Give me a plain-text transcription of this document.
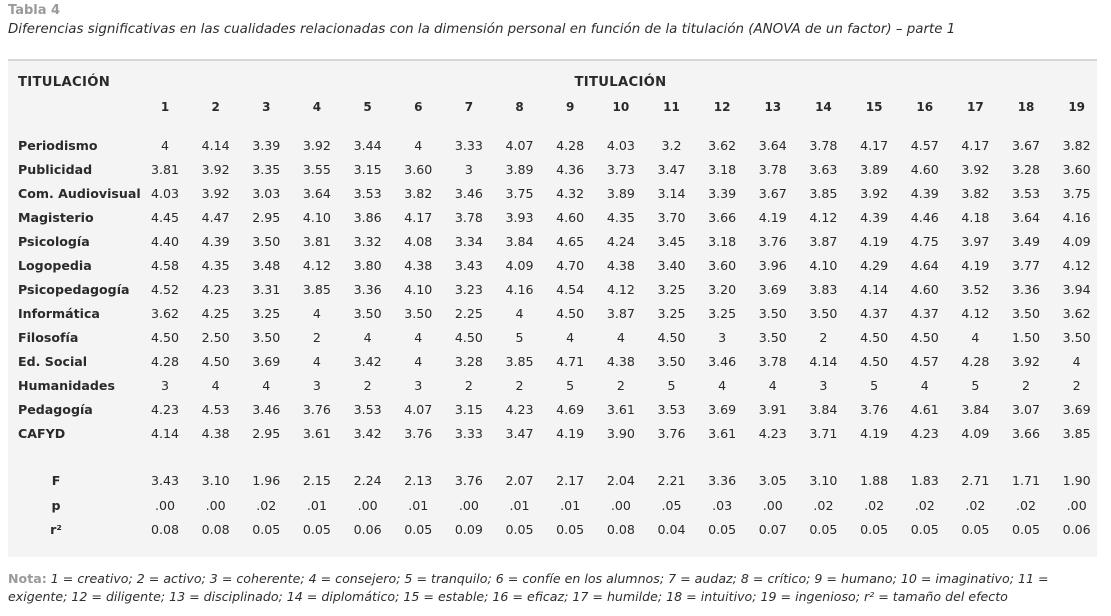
Tabla 4
Diferencias significativas en las cualidades relacionadas con la dimensión personal en función de la titulación (ANOVA de un factor) – parte 1
TITULACIÓN	TITULACIÓN
1	2	3	4	5	6	7	8	9	10	11	12	13	14	15	16	17	18	19
Periodismo	4	4.14	3.39	3.92	3.44	4	3.33	4.07	4.28	4.03	3.2	3.62	3.64	3.78	4.17	4.57	4.17	3.67	3.82
Publicidad	3.81	3.92	3.35	3.55	3.15	3.60	3	3.89	4.36	3.73	3.47	3.18	3.78	3.63	3.89	4.60	3.92	3.28	3.60
Com. Audiovisual 4.03	3.92	3.03	3.64	3.53	3.82	3.46	3.75	4.32	3.89	3.14	3.39	3.67	3.85	3.92	4.39	3.82	3.53	3.75
Magisterio	4.45	4.47	2.95	4.10	3.86	4.17	3.78	3.93	4.60	4.35	3.70	3.66	4.19	4.12	4.39	4.46	4.18	3.64	4.16
Psicología	4.40	4.39	3.50	3.81	3.32	4.08	3.34	3.84	4.65	4.24	3.45	3.18	3.76	3.87	4.19	4.75	3.97	3.49	4.09
Logopedia	4.58	4.35	3.48	4.12	3.80	4.38	3.43	4.09	4.70	4.38	3.40	3.60	3.96	4.10	4.29	4.64	4.19	3.77	4.12
Psicopedagogía	4.52	4.23	3.31	3.85	3.36	4.10	3.23	4.16	4.54	4.12	3.25	3.20	3.69	3.83	4.14	4.60	3.52	3.36	3.94
Informática	3.62	4.25	3.25	4	3.50	3.50	2.25	4	4.50	3.87	3.25	3.25	3.50	3.50	4.37	4.37	4.12	3.50	3.62
Filosofía	4.50	2.50	3.50	2	4	4	4.50	5	4	4	4.50	3	3.50	2	4.50	4.50	4	1.50	3.50
Ed. Social	4.28	4.50	3.69	4	3.42	4	3.28	3.85	4.71	4.38	3.50	3.46	3.78	4.14	4.50	4.57	4.28	3.92	4
Humanidades	3	4	4	3	2	3	2	2	5	2	5	4	4	3	5	4	5	2	2
Pedagogía	4.23	4.53	3.46	3.76	3.53	4.07	3.15	4.23	4.69	3.61	3.53	3.69	3.91	3.84	3.76	4.61	3.84	3.07	3.69
CAFYD	4.14	4.38	2.95	3.61	3.42	3.76	3.33	3.47	4.19	3.90	3.76	3.61	4.23	3.71	4.19	4.23	4.09	3.66	3.85
F	3.43	3.10	1.96	2.15	2.24	2.13	3.76	2.07	2.17	2.04	2.21	3.36	3.05	3.10	1.88	1.83	2.71	1.71	1.90
p	.00	.00	.02	.01	.00	.01	.00	.01	.01	.00	.05	.03	.00	.02	.02	.02	.02	.02	.00
r²	0.08	0.08	0.05	0.05	0.06	0.05	0.09	0.05	0.05	0.08	0.04	0.05	0.07	0.05	0.05	0.05	0.05	0.05	0.06
Nota: 1 = creativo; 2 = activo; 3 = coherente; 4 = consejero; 5 = tranquilo; 6 = confíe en los alumnos; 7 = audaz; 8 = crítico; 9 = humano; 10 = imaginativo; 11 = exigente; 12 = diligente; 13 = disciplinado; 14 = diplomático; 15 = estable; 16 = eficaz; 17 = humilde; 18 = intuitivo; 19 = ingenioso; r² = tamaño del efecto
